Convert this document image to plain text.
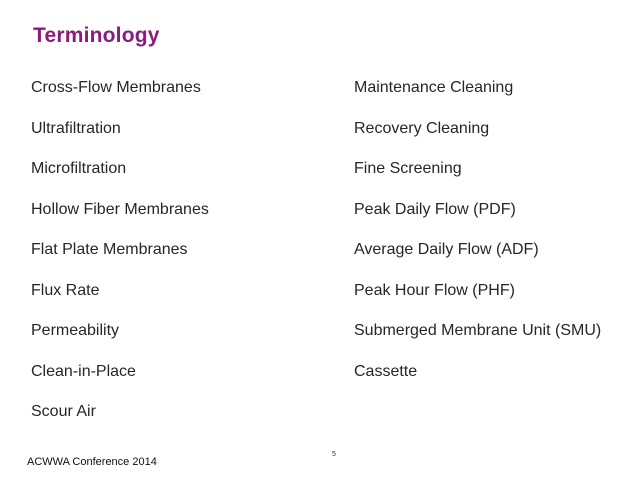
Terminology
Cross-Flow Membranes
Ultrafiltration
Microfiltration
Hollow Fiber Membranes
Flat Plate Membranes
Flux Rate
Permeability
Clean-in-Place
Scour Air
Maintenance Cleaning
Recovery Cleaning
Fine Screening
Peak Daily Flow (PDF)
Average Daily Flow (ADF)
Peak Hour Flow (PHF)
Submerged Membrane Unit (SMU)
Cassette
5
ACWWA Conference 2014
